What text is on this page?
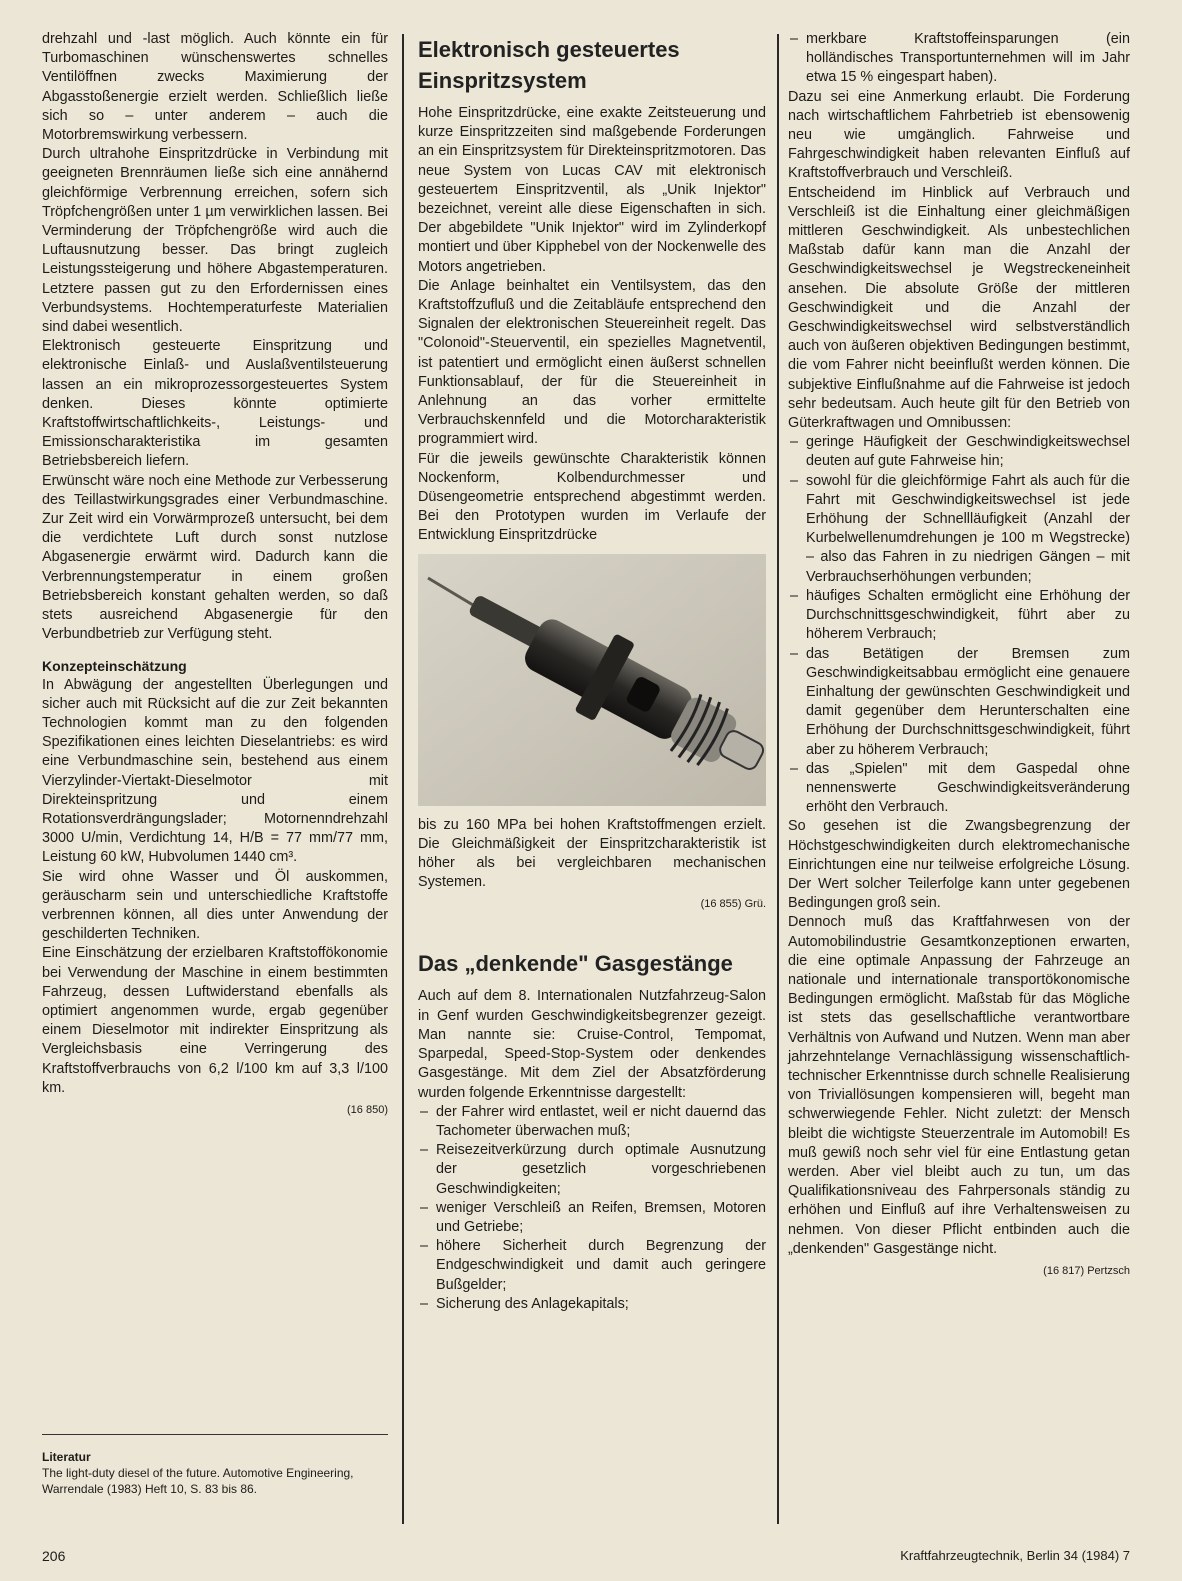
drehzahl und -last möglich. Auch könnte ein für Turbomaschinen wünschenswertes schnelles Ventilöffnen zwecks Maximierung der Abgasstoßenergie erzielt werden. Schließlich ließe sich so – unter anderem – auch die Motorbremswirkung verbessern.

Durch ultrahohe Einspritzdrücke in Verbindung mit geeigneten Brennräumen ließe sich eine annähernd gleichförmige Verbrennung erreichen, sofern sich Tröpfchengrößen unter 1 µm verwirklichen lassen. Bei Verminderung der Tröpfchengröße wird auch die Luftausnutzung besser. Das bringt zugleich Leistungssteigerung und höhere Abgastemperaturen. Letztere passen gut zu den Erfordernissen eines Verbundsystems. Hochtemperaturfeste Materialien sind dabei wesentlich.

Elektronisch gesteuerte Einspritzung und elektronische Einlaß- und Auslaßventilsteuerung lassen an ein mikroprozessorgesteuertes System denken. Dieses könnte optimierte Kraftstoffwirtschaftlichkeits-, Leistungs- und Emissionscharakteristika im gesamten Betriebsbereich liefern.

Erwünscht wäre noch eine Methode zur Verbesserung des Teillastwirkungsgrades einer Verbundmaschine. Zur Zeit wird ein Vorwärmprozeß untersucht, bei dem die verdichtete Luft durch sonst nutzlose Abgasenergie erwärmt wird. Dadurch kann die Verbrennungstemperatur in einem großen Betriebsbereich konstant gehalten werden, so daß stets ausreichend Abgasenergie für den Verbundbetrieb zur Verfügung steht.

Konzepteinschätzung

In Abwägung der angestellten Überlegungen und sicher auch mit Rücksicht auf die zur Zeit bekannten Technologien kommt man zu den folgenden Spezifikationen eines leichten Dieselantriebs: es wird eine Verbundmaschine sein, bestehend aus einem Vierzylinder-Viertakt-Dieselmotor mit Direkteinspritzung und einem Rotationsverdrängungslader; Motornenndrehzahl 3000 U/min, Verdichtung 14, H/B = 77 mm/77 mm, Leistung 60 kW, Hubvolumen 1440 cm³.

Sie wird ohne Wasser und Öl auskommen, geräuscharm sein und unterschiedliche Kraftstoffe verbrennen können, all dies unter Anwendung der geschilderten Techniken.

Eine Einschätzung der erzielbaren Kraftstoffökonomie bei Verwendung der Maschine in einem bestimmten Fahrzeug, dessen Luftwiderstand ebenfalls als optimiert angenommen wurde, ergab gegenüber einem Dieselmotor mit indirekter Einspritzung als Vergleichsbasis eine Verringerung des Kraftstoffverbrauchs von 6,2 l/100 km auf 3,3 l/100 km.

(16 850)

Literatur
The light-duty diesel of the future. Automotive Engineering, Warrendale (1983) Heft 10, S. 83 bis 86.
Elektronisch gesteuertes Einspritzsystem

Hohe Einspritzdrücke, eine exakte Zeitsteuerung und kurze Einspritzzeiten sind maßgebende Forderungen an ein Einspritzsystem für Direkteinspritzmotoren. Das neue System von Lucas CAV mit elektronisch gesteuertem Einspritzventil, als „Unik Injektor" bezeichnet, vereint alle diese Eigenschaften in sich. Der abgebildete "Unik Injektor" wird im Zylinderkopf montiert und über Kipphebel von der Nockenwelle des Motors angetrieben.

Die Anlage beinhaltet ein Ventilsystem, das den Kraftstoffzufluß und die Zeitabläufe entsprechend den Signalen der elektronischen Steuereinheit regelt. Das "Colonoid"-Steuerventil, ein spezielles Magnetventil, ist patentiert und ermöglicht einen äußerst schnellen Funktionsablauf, der für die Steuereinheit in Anlehnung an das vorher ermittelte Verbrauchskennfeld und die Motorcharakteristik programmiert wird.

Für die jeweils gewünschte Charakteristik können Nockenform, Kolbendurchmesser und Düsengeometrie entsprechend abgestimmt werden. Bei den Prototypen wurden im Verlaufe der Entwicklung Einspritzdrücke

bis zu 160 MPa bei hohen Kraftstoffmengen erzielt. Die Gleichmäßigkeit der Einspritzcharakteristik ist höher als bei vergleichbaren mechanischen Systemen.

(16 855) Grü.

Das „denkende" Gasgestänge

Auch auf dem 8. Internationalen Nutzfahrzeug-Salon in Genf wurden Geschwindigkeitsbegrenzer gezeigt. Man nannte sie: Cruise-Control, Tempomat, Sparpedal, Speed-Stop-System oder denkendes Gasgestänge. Mit dem Ziel der Absatzförderung wurden folgende Erkenntnisse dargestellt:

– der Fahrer wird entlastet, weil er nicht dauernd das Tachometer überwachen muß;
– Reisezeitverkürzung durch optimale Ausnutzung der gesetzlich vorgeschriebenen Geschwindigkeiten;
– weniger Verschleiß an Reifen, Bremsen, Motoren und Getriebe;
– höhere Sicherheit durch Begrenzung der Endgeschwindigkeit und damit auch geringere Bußgelder;
– Sicherung des Anlagekapitals;
– merkbare Kraftstoffeinsparungen (ein holländisches Transportunternehmen will im Jahr etwa 15 % eingespart haben).

Dazu sei eine Anmerkung erlaubt. Die Forderung nach wirtschaftlichem Fahrbetrieb ist ebensowenig neu wie umgänglich. Fahrweise und Fahrgeschwindigkeit haben relevanten Einfluß auf Kraftstoffverbrauch und Verschleiß.

Entscheidend im Hinblick auf Verbrauch und Verschleiß ist die Einhaltung einer gleichmäßigen mittleren Geschwindigkeit. Als unbestechlichen Maßstab dafür kann man die Anzahl der Geschwindigkeitswechsel je Wegstreckeneinheit ansehen. Die absolute Größe der mittleren Geschwindigkeit und die Anzahl der Geschwindigkeitswechsel wird selbstverständlich auch von äußeren objektiven Bedingungen bestimmt, die vom Fahrer nicht beeinflußt werden können. Die subjektive Einflußnahme auf die Fahrweise ist jedoch sehr bedeutsam. Auch heute gilt für den Betrieb von Güterkraftwagen und Omnibussen:

– geringe Häufigkeit der Geschwindigkeitswechsel deuten auf gute Fahrweise hin;
– sowohl für die gleichförmige Fahrt als auch für die Fahrt mit Geschwindigkeitswechsel ist jede Erhöhung der Schnellläufigkeit (Anzahl der Kurbelwellenumdrehungen je 100 m Wegstrecke) – also das Fahren in zu niedrigen Gängen – mit Verbrauchserhöhungen verbunden;
– häufiges Schalten ermöglicht eine Erhöhung der Durchschnittsgeschwindigkeit, führt aber zu höherem Verbrauch;
– das Betätigen der Bremsen zum Geschwindigkeitsabbau ermöglicht eine genauere Einhaltung der gewünschten Geschwindigkeit und damit gegenüber dem Herunterschalten eine Erhöhung der Durchschnittsgeschwindigkeit, führt aber zu höherem Verbrauch;
– das „Spielen" mit dem Gaspedal ohne nennenswerte Geschwindigkeitsveränderung erhöht den Verbrauch.

So gesehen ist die Zwangsbegrenzung der Höchstgeschwindigkeiten durch elektromechanische Einrichtungen eine nur teilweise erfolgreiche Lösung. Der Wert solcher Teilerfolge kann unter gegebenen Bedingungen groß sein.

Dennoch muß das Kraftfahrwesen von der Automobilindustrie Gesamtkonzeptionen erwarten, die eine optimale Anpassung der Fahrzeuge an nationale und internationale transportökonomische Bedingungen ermöglicht. Maßstab für das Mögliche ist stets das gesellschaftliche verantwortbare Verhältnis von Aufwand und Nutzen. Wenn man aber jahrzehntelange Vernachlässigung wissenschaftlich-technischer Erkenntnisse durch schnelle Realisierung von Triviallösungen kompensieren will, begeht man schwerwiegende Fehler. Nicht zuletzt: der Mensch bleibt die wichtigste Steuerzentrale im Automobil! Es muß gewiß noch sehr viel für eine Entlastung getan werden. Aber viel bleibt auch zu tun, um das Qualifikationsniveau des Fahrpersonals ständig zu erhöhen und Einfluß auf ihre Verhaltensweisen zu nehmen. Von dieser Pflicht entbinden auch die „denkenden" Gasgestänge nicht.

(16 817) Pertzsch

206	Kraftfahrzeugtechnik, Berlin 34 (1984) 7
